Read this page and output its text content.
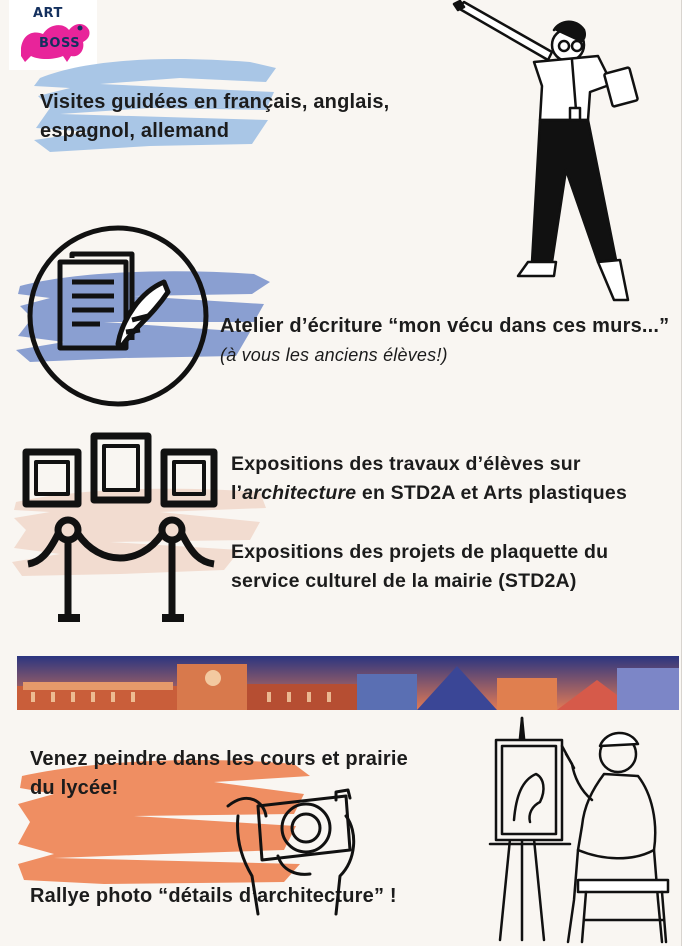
ART
BOSS
Visites guidées en français, anglais, espagnol, allemand
Atelier d’écriture “mon vécu dans ces murs...” (à vous les anciens élèves!)
Expositions des travaux d’élèves sur l’architecture en STD2A et Arts plastiques
Expositions des projets de plaquette du service culturel de la mairie (STD2A)
Venez peindre dans les cours et prairie du lycée!
Rallye photo “détails d’architecture” !
